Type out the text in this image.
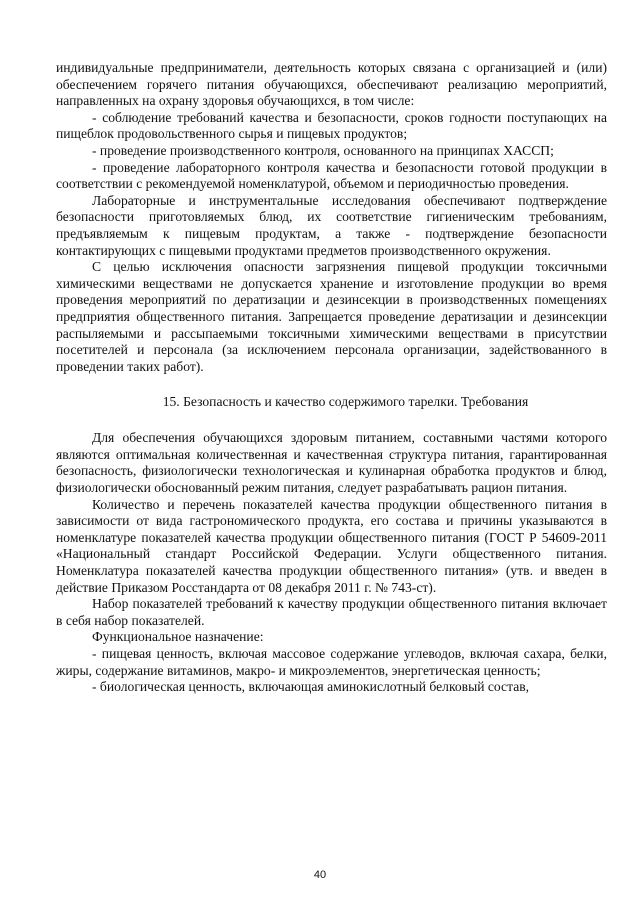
индивидуальные предприниматели, деятельность которых связана с организацией и (или) обеспечением горячего питания обучающихся, обеспечивают реализацию мероприятий, направленных на охрану здоровья обучающихся, в том числе:

- соблюдение требований качества и безопасности, сроков годности поступающих на пищеблок продовольственного сырья и пищевых продуктов;

- проведение производственного контроля, основанного на принципах ХАССП;

- проведение лабораторного контроля качества и безопасности готовой продукции в соответствии с рекомендуемой номенклатурой, объемом и периодичностью проведения.

Лабораторные и инструментальные исследования обеспечивают подтверждение безопасности приготовляемых блюд, их соответствие гигиеническим требованиям, предъявляемым к пищевым продуктам, а также - подтверждение безопасности контактирующих с пищевыми продуктами предметов производственного окружения.

С целью исключения опасности загрязнения пищевой продукции токсичными химическими веществами не допускается хранение и изготовление продукции во время проведения мероприятий по дератизации и дезинсекции в производственных помещениях предприятия общественного питания. Запрещается проведение дератизации и дезинсекции распыляемыми и рассыпаемыми токсичными химическими веществами в присутствии посетителей и персонала (за исключением персонала организации, задействованного в проведении таких работ).

15. Безопасность и качество содержимого тарелки. Требования

Для обеспечения обучающихся здоровым питанием, составными частями которого являются оптимальная количественная и качественная структура питания, гарантированная безопасность, физиологически технологическая и кулинарная обработка продуктов и блюд, физиологически обоснованный режим питания, следует разрабатывать рацион питания.

Количество и перечень показателей качества продукции общественного питания в зависимости от вида гастрономического продукта, его состава и причины указываются в номенклатуре показателей качества продукции общественного питания (ГОСТ Р 54609-2011 «Национальный стандарт Российской Федерации. Услуги общественного питания. Номенклатура показателей качества продукции общественного питания» (утв. и введен в действие Приказом Росстандарта от 08 декабря 2011 г. № 743-ст).

Набор показателей требований к качеству продукции общественного питания включает в себя набор показателей.

Функциональное назначение:

- пищевая ценность, включая массовое содержание углеводов, включая сахара, белки, жиры, содержание витаминов, макро- и микроэлементов, энергетическая ценность;

- биологическая ценность, включающая аминокислотный белковый состав,

40
